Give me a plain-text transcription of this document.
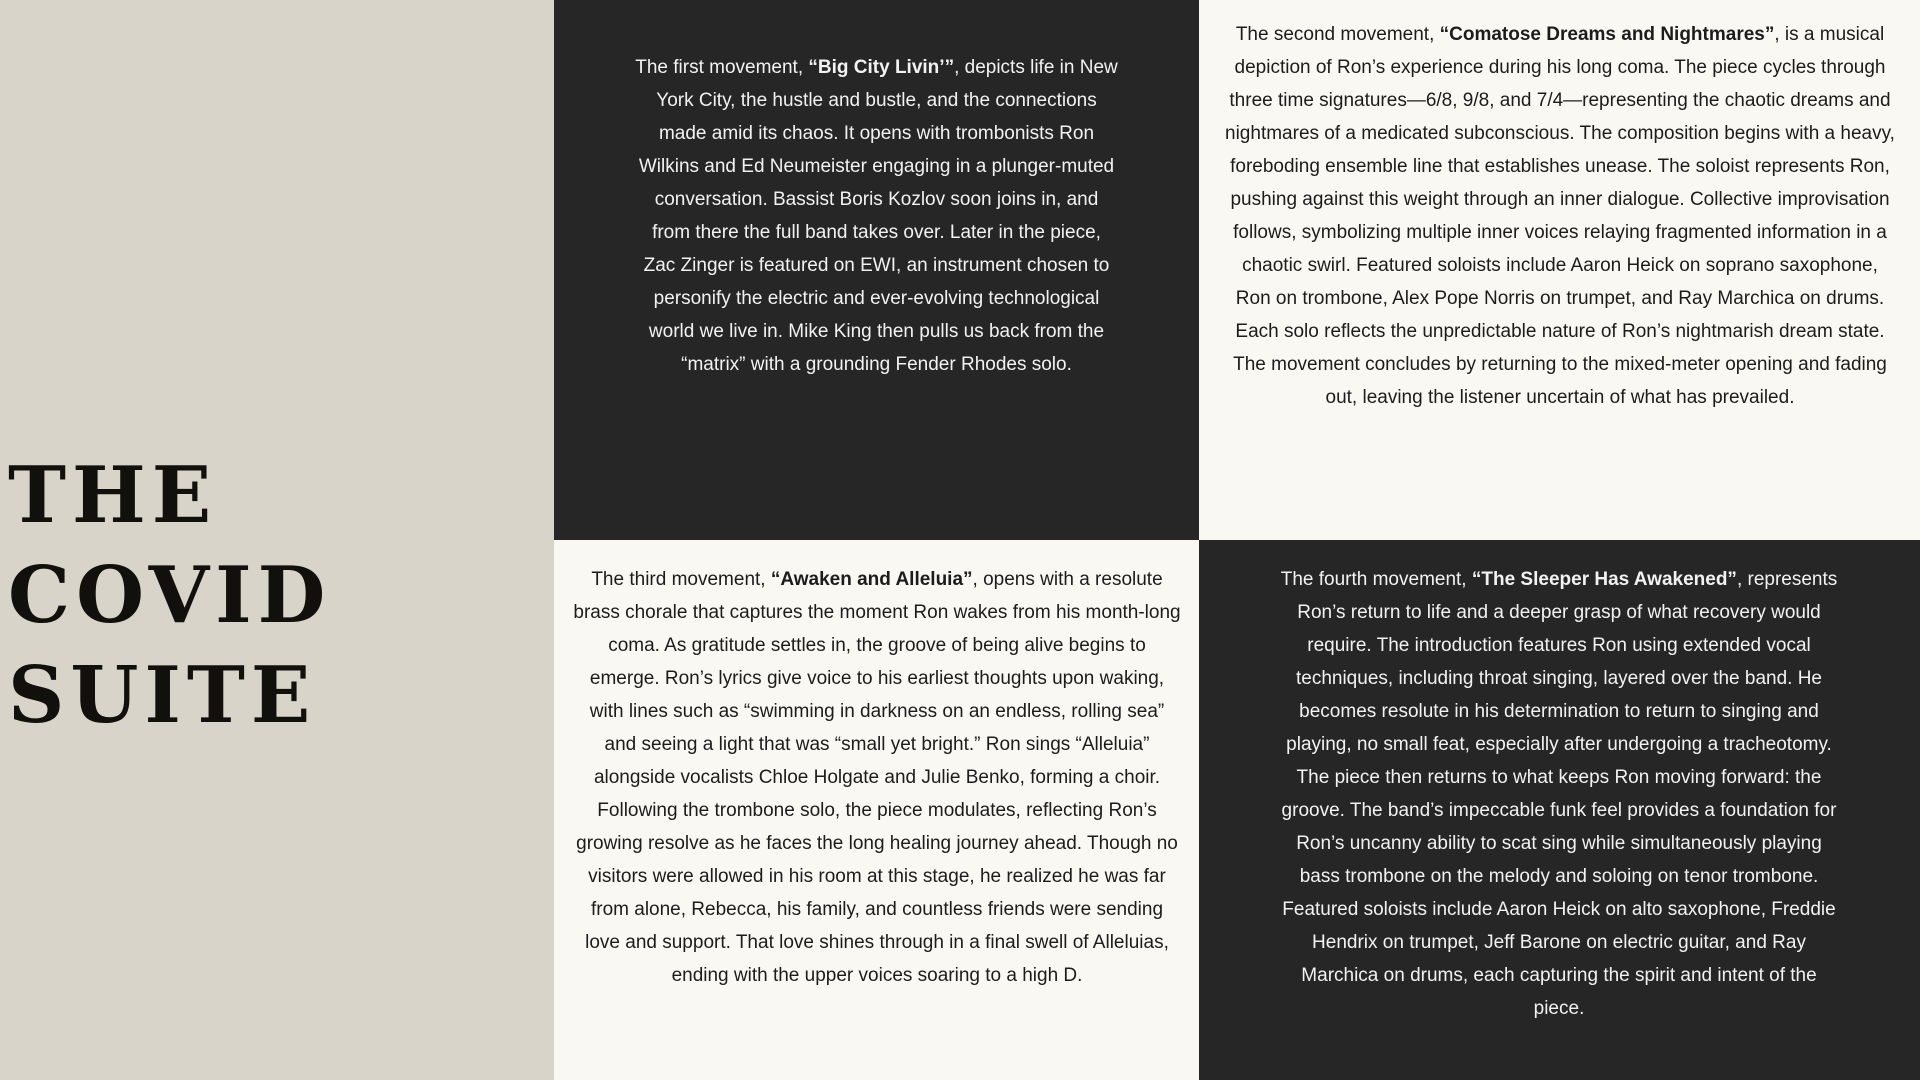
THE COVID
SUITE

The first movement, “Big City Livin’”, depicts life in New York City, the hustle and bustle, and the connections made amid its chaos. It opens with trombonists Ron Wilkins and Ed Neumeister engaging in a plunger-muted conversation. Bassist Boris Kozlov soon joins in, and from there the full band takes over. Later in the piece, Zac Zinger is featured on EWI, an instrument chosen to personify the electric and ever-evolving technological world we live in. Mike King then pulls us back from the “matrix” with a grounding Fender Rhodes solo.

The second movement, “Comatose Dreams and Nightmares”, is a musical depiction of Ron’s experience during his long coma. The piece cycles through three time signatures—6/8, 9/8, and 7/4—representing the chaotic dreams and nightmares of a medicated subconscious. The composition begins with a heavy, foreboding ensemble line that establishes unease. The soloist represents Ron, pushing against this weight through an inner dialogue. Collective improvisation follows, symbolizing multiple inner voices relaying fragmented information in a chaotic swirl. Featured soloists include Aaron Heick on soprano saxophone, Ron on trombone, Alex Pope Norris on trumpet, and Ray Marchica on drums. Each solo reflects the unpredictable nature of Ron’s nightmarish dream state. The movement concludes by returning to the mixed-meter opening and fading out, leaving the listener uncertain of what has prevailed.

The third movement, “Awaken and Alleluia”, opens with a resolute brass chorale that captures the moment Ron wakes from his month-long coma. As gratitude settles in, the groove of being alive begins to emerge. Ron’s lyrics give voice to his earliest thoughts upon waking, with lines such as “swimming in darkness on an endless, rolling sea” and seeing a light that was “small yet bright.” Ron sings “Alleluia” alongside vocalists Chloe Holgate and Julie Benko, forming a choir. Following the trombone solo, the piece modulates, reflecting Ron’s growing resolve as he faces the long healing journey ahead. Though no visitors were allowed in his room at this stage, he realized he was far from alone, Rebecca, his family, and countless friends were sending love and support. That love shines through in a final swell of Alleluias, ending with the upper voices soaring to a high D.

The fourth movement, “The Sleeper Has Awakened”, represents Ron’s return to life and a deeper grasp of what recovery would require. The introduction features Ron using extended vocal techniques, including throat singing, layered over the band. He becomes resolute in his determination to return to singing and playing, no small feat, especially after undergoing a tracheotomy. The piece then returns to what keeps Ron moving forward: the groove. The band’s impeccable funk feel provides a foundation for Ron’s uncanny ability to scat sing while simultaneously playing bass trombone on the melody and soloing on tenor trombone. Featured soloists include Aaron Heick on alto saxophone, Freddie Hendrix on trumpet, Jeff Barone on electric guitar, and Ray Marchica on drums, each capturing the spirit and intent of the piece.
